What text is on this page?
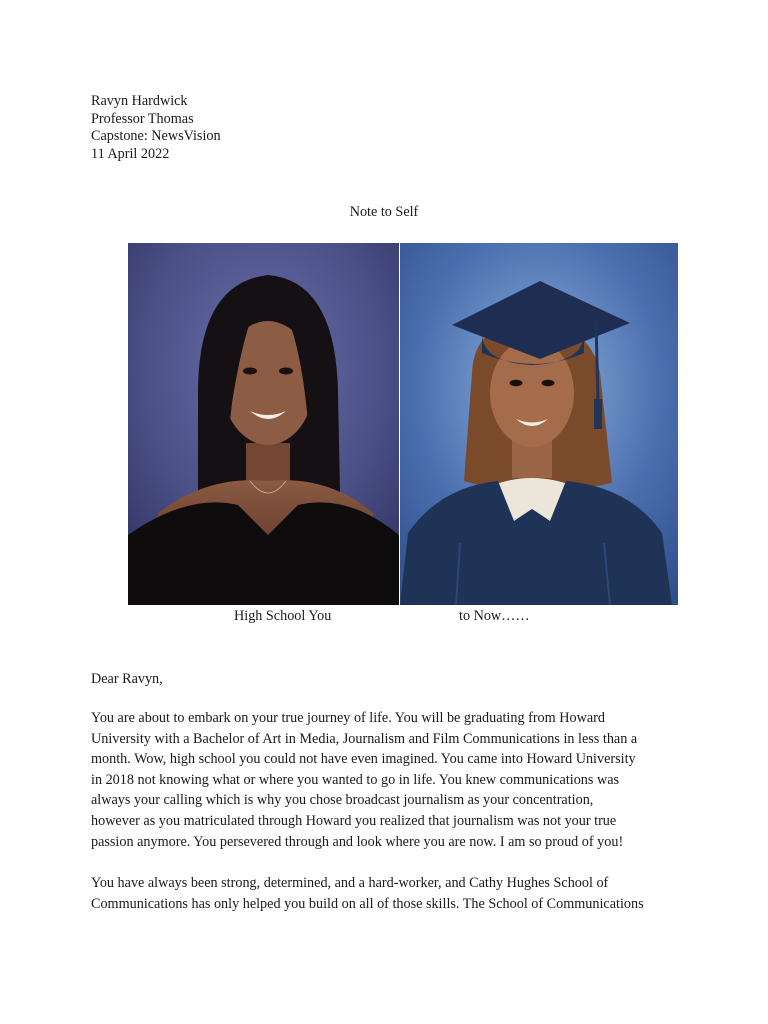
Ravyn Hardwick
Professor Thomas
Capstone: NewsVision
11 April 2022
Note to Self
High School You	to Now……
Dear Ravyn,
You are about to embark on your true journey of life. You will be graduating from Howard
University with a Bachelor of Art in Media, Journalism and Film Communications in less than a
month. Wow, high school you could not have even imagined. You came into Howard University
in 2018 not knowing what or where you wanted to go in life. You knew communications was
always your calling which is why you chose broadcast journalism as your concentration,
however as you matriculated through Howard you realized that journalism was not your true
passion anymore. You persevered through and look where you are now. I am so proud of you!
You have always been strong, determined, and a hard-worker, and Cathy Hughes School of
Communications has only helped you build on all of those skills. The School of Communications
